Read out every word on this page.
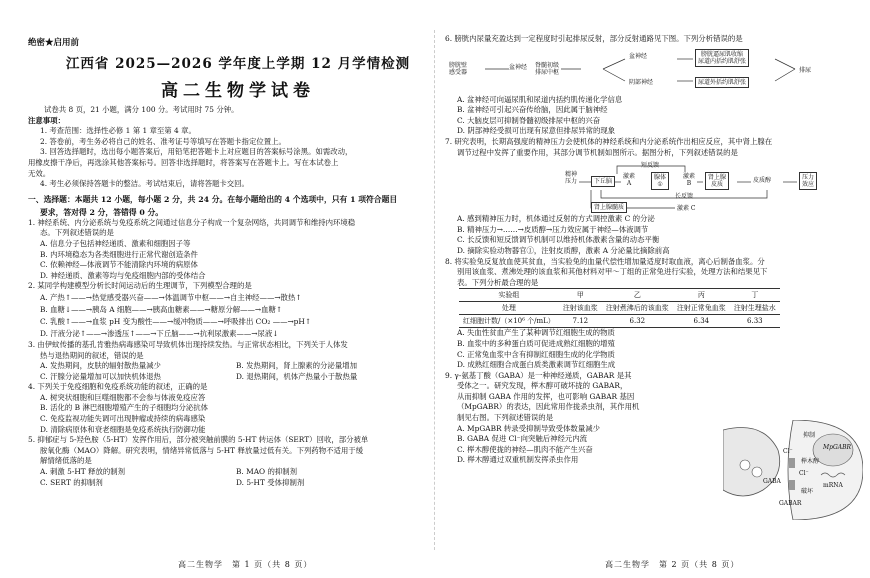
绝密★启用前
江西省 2025—2026 学年度上学期 12 月学情检测
高二生物学试卷
试卷共 8 页，21 小题，满分 100 分。考试用时 75 分钟。
注意事项：
1. 考查范围：选择性必修 1 第 1 章至第 4 章。
2. 答卷前，考生务必将自己的姓名、准考证号等填写在答题卡指定位置上。
3. 回答选择题时，选出每小题答案后，用铅笔把答题卡上对应题目的答案标号涂黑。如需改动，
用橡皮擦干净后，再选涂其他答案标号。回答非选择题时，将答案写在答题卡上。写在本试卷上
无效。
4. 考生必须保持答题卡的整洁。考试结束后，请将答题卡交回。
一、选择题：本题共 12 小题，每小题 2 分，共 24 分。在每小题给出的 4 个选项中，只有 1 项符合题目
要求，答对得 2 分，答错得 0 分。
1. 神经系统、内分泌系统与免疫系统之间通过信息分子构成一个复杂网络，共同调节和维持内环境稳
态。下列叙述错误的是
A. 信息分子包括神经递质、激素和细胞因子等
B. 内环境稳态为各类细胞进行正常代谢创造条件
C. 依赖神经—体液调节不能清除内环境的病原体
D. 神经递质、激素等均与免疫细胞内部的受体结合
2. 某同学构建模型分析长时间运动后的生理调节，下列模型合理的是
A. 产热↑——→热觉感受器兴奋——→体温调节中枢——→自主神经——→散热↑
B. 血糖↓——→胰岛 A 细胞——→胰高血糖素——→糖原分解——→血糖↑
C. 乳酸↑——→血浆 pH 变为酸性——→缓冲物质——→呼吸排出 CO₂ ——→pH↑
D. 汗液分泌↑——→渗透压↑——→下丘脑——→抗利尿激素——→尿液↓
3. 由伊蚊传播的基孔肯雅热病毒感染可导致机体出现持续发热。与正常状态相比，下列关于人体发
热与退热期间的叙述，错误的是
A. 发热期间，皮肤的辐射散热量减少	B. 发热期间，肾上腺素的分泌量增加
C. 汗腺分泌量增加可以加快机体退热	D. 退热期间，机体产热量小于散热量
4. 下列关于免疫细胞和免疫系统功能的叙述，正确的是
A. 树突状细胞和巨噬细胞都不会参与体液免疫应答
B. 活化的 B 淋巴细胞增殖产生的子细胞均分泌抗体
C. 免疫监视功能失调可出现肿瘤或持续的病毒感染
D. 清除病原体和衰老细胞是免疫系统执行防御功能
5. 抑郁症与 5-羟色胺（5-HT）发挥作用后，部分被突触前膜的 5-HT 转运体（SERT）回收，部分被单
胺氧化酶（MAO）降解。研究表明，情绪异常低落与 5-HT 释放量过低有关。下列药物不适用于缓
解情绪低落的是
A. 刺激 5-HT 释放的制剂	B. MAO 的抑制剂
C. SERT 的抑制剂	D. 5-HT 受体抑制剂
高二生物学　第 1 页（共 8 页）
6. 膀胱内尿量充盈达到一定程度时引起排尿反射，部分反射通路见下图。下列分析错误的是
膀胱壁
感受器
盆神经	脊髓初级
排尿中枢
盆神经
阴部神经
膀胱逼尿肌收缩
尿道内括约肌舒张
尿道外括约肌舒张
排尿
A. 盆神经可向逼尿肌和尿道内括约肌传递化学信息
B. 盆神经可引起兴奋传给脑，因此属于脑神经
C. 大脑皮层可抑制脊髓初级排尿中枢的兴奋
D. 阴部神经受损可出现有尿意但排尿异常的现象
7. 研究表明，长期高强度的精神压力会使机体的神经系统和内分泌系统作出相应反应，其中肾上腺在
调节过程中发挥了重要作用，其部分调节机制如图所示。据图分析，下列叙述错误的是
精神
压力	下丘脑
激素
A
腺体
①
激素
B
肾上腺
皮质
皮质醇	压力
效应
短反馈
长反馈
肾上腺髓质	激素 C
A. 感到精神压力时，机体通过反射的方式调控激素 C 的分泌
B. 精神压力→……→皮质醇→压力效应属于神经—体液调节
C. 长反馈和短反馈调节机制可以维持机体激素含量的动态平衡
D. 摘除实验动物器官①，注射皮质醇，激素 A 分泌量比摘除前高
8. 将实验兔反复放血使其贫血，当实验兔的血量代偿性增加量适度时取血液，离心后制备血浆。分
别用该血浆、煮沸处理的该血浆和其他材料对甲～丁组的正常兔进行实验，处理方法和结果见下
表。下列分析最合理的是
实验组	甲	乙	丙	丁
处理	注射该血浆	注射煮沸后的该血浆	注射正常兔血浆	注射生理盐水
红细胞计数/（×10⁶ 个/mL）	7.12	6.32	6.34	6.33
A. 失血性贫血产生了某种调节红细胞生成的物质
B. 血浆中的多种蛋白质可促进成熟红细胞的增殖
C. 正常兔血浆中含有抑制红细胞生成的化学物质
D. 成熟红细胞合成蛋白质类激素调节红细胞生成
9. γ-氨基丁酸（GABA）是一种神经递质，GABAR 是其
受体之一。研究发现，榉木醇可破坏拢的 GABAR，
从而抑制 GABA 作用的发挥，也可影响 GABAR 基因
（MpGABR）的表达，因此常用作拢杀虫剂，其作用机
制见右图。下列叙述错误的是
A. MpGABR 转录受抑制导致受体数量减少
B. GABA 促进 Cl⁻向突触后神经元内流
C. 榉木醇使拢的神经—肌肉不能产生兴奋
D. 榉木醇通过双重机制发挥杀虫作用
GABA
Cl⁻
Cl⁻
GABAR
榉木醇
抑制
破坏
MpGABR
mRNA
高二生物学　第 2 页（共 8 页）
